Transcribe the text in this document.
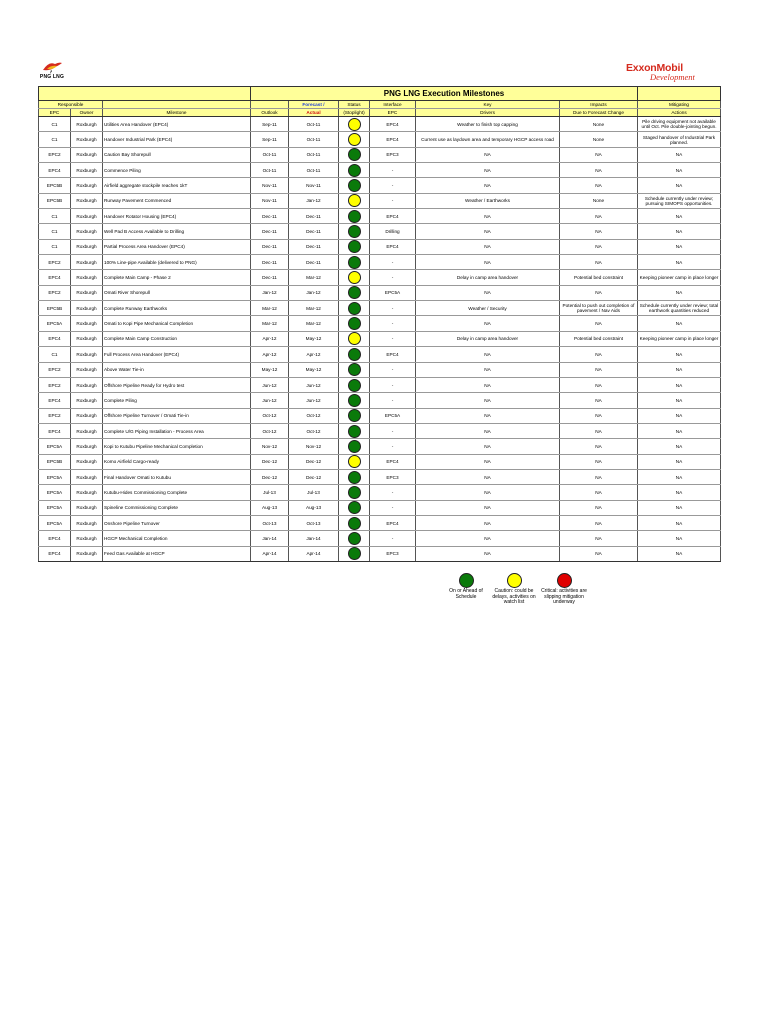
PNG LNG
ExxonMobil
Development
			PNG LNG Execution Milestones						
Responsible				Forecast /	Status	Interface	Key	Impacts	Mitigating
EPC	Owner	Milestone	Outlook	Actual	(Stoplight)	EPC	Drivers	Due to Forecast Change	Actions
C1	Roxburgh	Utilities Area Handover (EPC4)	Sep-11	Oct-11		EPC4	Weather to finish top capping	None	Pile driving equipment not available until Oct. Pile double-jointing begun.
C1	Roxburgh	Handover Industrial Park (EPC4)	Sep-11	Oct-11		EPC4	Current use as laydown area and temporary HGCP access road	None	Staged handover of Industrial Park planned.
EPC2	Roxburgh	Caution Bay Shorepull	Oct-11	Oct-11		EPC3	NA	NA	NA
EPC4	Roxburgh	Commence Piling	Oct-11	Oct-11		-	NA	NA	NA
EPC5B	Roxburgh	Airfield aggregate stockpile reaches 1kT	Nov-11	Nov-11		-	NA	NA	NA
EPC5B	Roxburgh	Runway Pavement Commenced	Nov-11	Jan-12		-	Weather / Earthworks	None	Schedule currently under review; pursuing SIMOPS opportunities.
C1	Roxburgh	Handover Rotator Housing (EPC4)	Dec-11	Dec-11		EPC4	NA	NA	NA
C1	Roxburgh	Well Pad B Access Available to Drilling	Dec-11	Dec-11		Drilling	NA	NA	NA
C1	Roxburgh	Partial Process Area Handover (EPC4)	Dec-11	Dec-11		EPC4	NA	NA	NA
EPC2	Roxburgh	100% Line-pipe Available (delivered to PNG)	Dec-11	Dec-11		-	NA	NA	NA
EPC4	Roxburgh	Complete Main Camp - Phase 2	Dec-11	Mar-12		-	Delay in camp area handover	Potential bed constraint	Keeping pioneer camp in place longer
EPC2	Roxburgh	Omati River Shorepull	Jan-12	Jan-12		EPC5A	NA	NA	NA
EPC5B	Roxburgh	Complete Runway Earthworks	Mar-12	Mar-12		-	Weather / Security	Potential to push out completion of pavement / Nav Aids	Schedule currently under review; total earthwork quantities reduced
EPC5A	Roxburgh	Omati to Kopi Pipe Mechanical Completion	Mar-12	Mar-12		-	NA	NA	NA
EPC4	Roxburgh	Complete Main Camp Construction	Apr-12	May-12		-	Delay in camp area handover	Potential bed constraint	Keeping pioneer camp in place longer
C1	Roxburgh	Full Process Area Handover (EPC4)	Apr-12	Apr-12		EPC4	NA	NA	NA
EPC2	Roxburgh	Above Water Tie-in	May-12	May-12		-	NA	NA	NA
EPC2	Roxburgh	Offshore Pipeline Ready for Hydro test	Jun-12	Jun-12		-	NA	NA	NA
EPC4	Roxburgh	Complete Piling	Jun-12	Jun-12		-	NA	NA	NA
EPC2	Roxburgh	Offshore Pipeline Turnover / Omati Tie-in	Oct-12	Oct-12		EPC5A	NA	NA	NA
EPC4	Roxburgh	Complete U/G Piping Installation - Process Area	Oct-12	Oct-12		-	NA	NA	NA
EPC5A	Roxburgh	Kopi to Kutubu Pipeline Mechanical Completion	Nov-12	Nov-12		-	NA	NA	NA
EPC5B	Roxburgh	Komo Airfield Cargo-ready	Dec-12	Dec-12		EPC4	NA	NA	NA
EPC5A	Roxburgh	Final Handover Omati to Kutubu	Dec-12	Dec-12		EPC3	NA	NA	NA
EPC5A	Roxburgh	Kutubu-Hides Commissioning Complete	Jul-13	Jul-13		-	NA	NA	NA
EPC5A	Roxburgh	Spineline Commissioning Complete	Aug-13	Aug-13		-	NA	NA	NA
EPC5A	Roxburgh	Onshore Pipeline Turnover	Oct-13	Oct-13		EPC4	NA	NA	NA
EPC4	Roxburgh	HGCP Mechanical Completion	Jan-14	Jan-14		-	NA	NA	NA
EPC4	Roxburgh	Feed Gas Available at HGCP	Apr-14	Apr-14		EPC3	NA	NA	NA
On or Ahead of Schedule
Caution: could be delays, activities on watch list
Critical: activities are slipping mitigation underway
